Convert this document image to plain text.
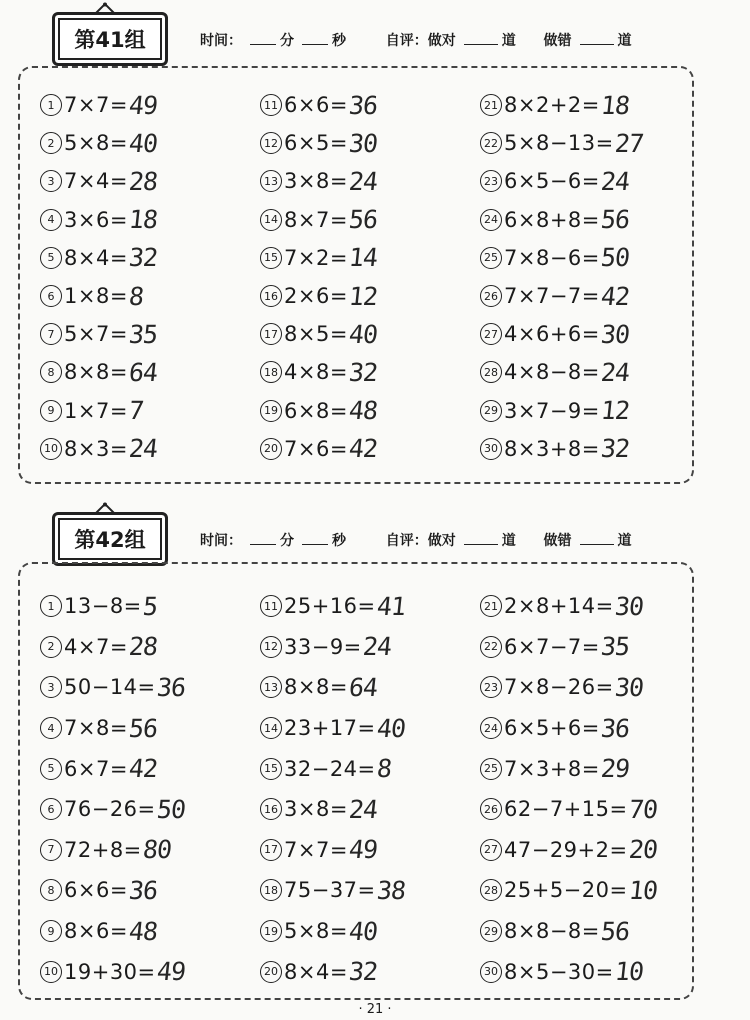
第41组	时间：	分	秒	自评：做对	道 做错	道
1 7×7= 49
2 5×8= 40
3 7×4= 28
4 3×6= 18
5 8×4= 32
6 1×8= 8
7 5×7= 35
8 8×8= 64
9 1×7= 7
10 8×3= 24
11 6×6= 36
12 6×5= 30
13 3×8= 24
14 8×7= 56
15 7×2= 14
16 2×6= 12
17 8×5= 40
18 4×8= 32
19 6×8= 48
20 7×6= 42
21 8×2+2= 18
22 5×8−13= 27
23 6×5−6= 24
24 6×8+8= 56
25 7×8−6= 50
26 7×7−7= 42
27 4×6+6= 30
28 4×8−8= 24
29 3×7−9= 12
30 8×3+8= 32
第42组	时间：	分	秒	自评：做对	道 做错	道
1 13−8= 5
2 4×7= 28
3 50−14= 36
4 7×8= 56
5 6×7= 42
6 76−26= 50
7 72+8= 80
8 6×6= 36
9 8×6= 48
10 19+30= 49
11 25+16= 41
12 33−9= 24
13 8×8= 64
14 23+17= 40
15 32−24= 8
16 3×8= 24
17 7×7= 49
18 75−37= 38
19 5×8= 40
20 8×4= 32
21 2×8+14= 30
22 6×7−7= 35
23 7×8−26= 30
24 6×5+6= 36
25 7×3+8= 29
26 62−7+15= 70
27 47−29+2= 20
28 25+5−20= 10
29 8×8−8= 56
30 8×5−30= 10
· 21 ·
